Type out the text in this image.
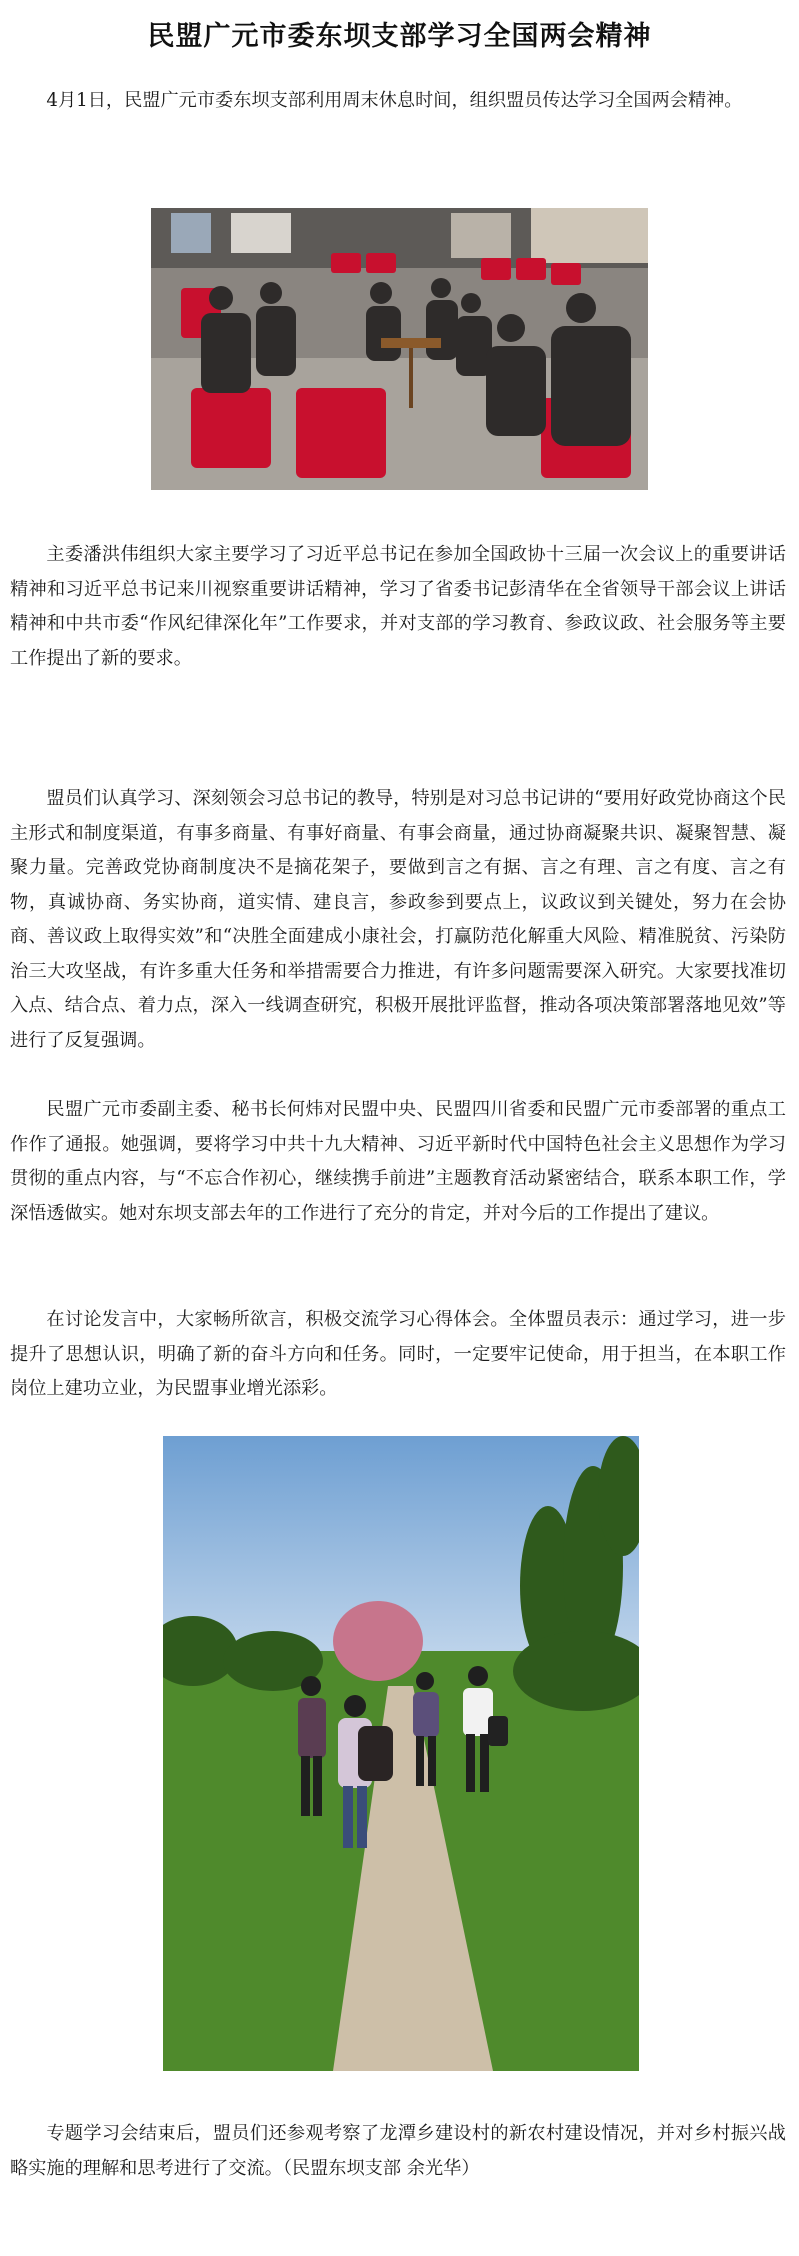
民盟广元市委东坝支部学习全国两会精神

4月1日，民盟广元市委东坝支部利用周末休息时间，组织盟员传达学习全国两会精神。

主委潘洪伟组织大家主要学习了习近平总书记在参加全国政协十三届一次会议上的重要讲话精神和习近平总书记来川视察重要讲话精神，学习了省委书记彭清华在全省领导干部会议上讲话精神和中共市委“作风纪律深化年”工作要求，并对支部的学习教育、参政议政、社会服务等主要工作提出了新的要求。

盟员们认真学习、深刻领会习总书记的教导，特别是对习总书记讲的“要用好政党协商这个民主形式和制度渠道，有事多商量、有事好商量、有事会商量，通过协商凝聚共识、凝聚智慧、凝聚力量。完善政党协商制度决不是摘花架子，要做到言之有据、言之有理、言之有度、言之有物，真诚协商、务实协商，道实情、建良言，参政参到要点上，议政议到关键处，努力在会协商、善议政上取得实效”和“决胜全面建成小康社会，打赢防范化解重大风险、精准脱贫、污染防治三大攻坚战，有许多重大任务和举措需要合力推进，有许多问题需要深入研究。大家要找准切入点、结合点、着力点，深入一线调查研究，积极开展批评监督，推动各项决策部署落地见效”等进行了反复强调。

民盟广元市委副主委、秘书长何炜对民盟中央、民盟四川省委和民盟广元市委部署的重点工作作了通报。她强调，要将学习中共十九大精神、习近平新时代中国特色社会主义思想作为学习贯彻的重点内容，与“不忘合作初心，继续携手前进”主题教育活动紧密结合，联系本职工作，学深悟透做实。她对东坝支部去年的工作进行了充分的肯定，并对今后的工作提出了建议。

在讨论发言中，大家畅所欲言，积极交流学习心得体会。全体盟员表示：通过学习，进一步提升了思想认识，明确了新的奋斗方向和任务。同时，一定要牢记使命，用于担当，在本职工作岗位上建功立业，为民盟事业增光添彩。

专题学习会结束后，盟员们还参观考察了龙潭乡建设村的新农村建设情况，并对乡村振兴战略实施的理解和思考进行了交流。（民盟东坝支部 余光华）
